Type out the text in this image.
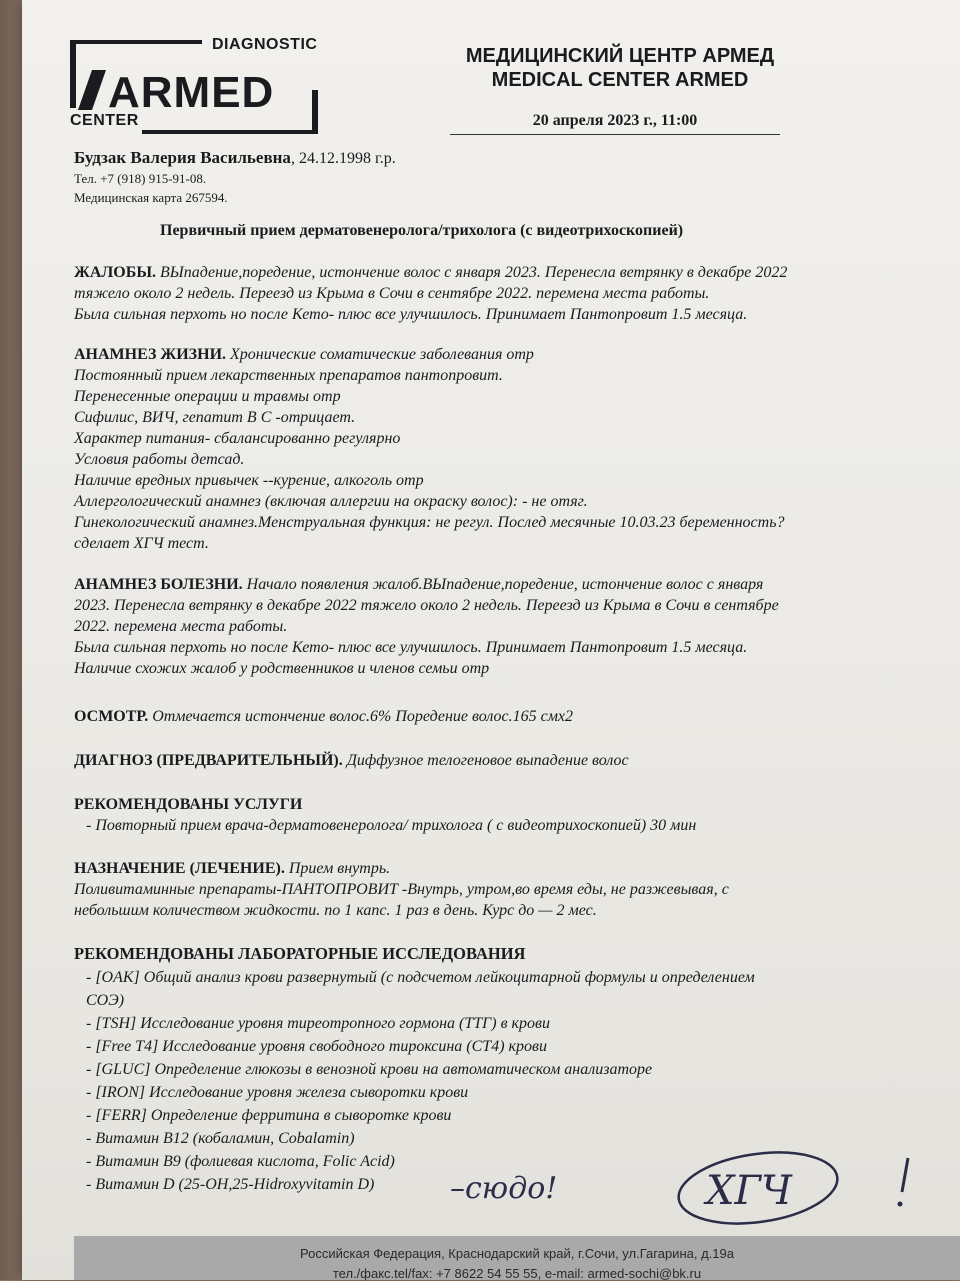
DIAGNOSTIC
ARMED
CENTER
МЕДИЦИНСКИЙ ЦЕНТР АРМЕД
MEDICAL CENTER ARMED
20 апреля 2023 г., 11:00
Будзак Валерия Васильевна, 24.12.1998 г.р.
Тел. +7 (918) 915-91-08.
Медицинская карта 267594.
Первичный прием дерматовенеролога/трихолога (с видеотрихоскопией)
ЖАЛОБЫ. ВЫпадение,поредение, истончение волос с января 2023. Перенесла ветрянку в декабре 2022
тяжело около 2 недель. Переезд из Крыма в Сочи в сентябре 2022. перемена места работы.
Была сильная перхоть но после Кето- плюс все улучшилось. Принимает Пантопровит 1.5 месяца.
АНАМНЕЗ ЖИЗНИ. Хронические соматические заболевания отр
Постоянный прием лекарственных препаратов пантопровит.
Перенесенные операции и травмы отр
Сифилис, ВИЧ, гепатит В С -отрицает.
Характер питания- сбалансированно регулярно
Условия работы детсад.
Наличие вредных привычек --курение, алкоголь отр
Аллергологический анамнез (включая аллергии на окраску волос): - не отяг.
Гинекологический анамнез.Менструальная функция: не регул. Послед месячные 10.03.23 беременность?
сделает ХГЧ тест.
АНАМНЕЗ БОЛЕЗНИ. Начало появления жалоб.ВЫпадение,поредение, истончение волос с января
2023. Перенесла ветрянку в декабре 2022 тяжело около 2 недель. Переезд из Крыма в Сочи в сентябре
2022. перемена места работы.
Была сильная перхоть но после Кето- плюс все улучшилось. Принимает Пантопровит 1.5 месяца.
Наличие схожих жалоб у родственников и членов семьи отр
ОСМОТР. Отмечается истончение волос.6% Поредение волос.165 смх2
ДИАГНОЗ (ПРЕДВАРИТЕЛЬНЫЙ). Диффузное телогеновое выпадение волос
РЕКОМЕНДОВАНЫ УСЛУГИ
- Повторный прием врача-дерматовенеролога/ трихолога ( с видеотрихоскопией) 30 мин
НАЗНАЧЕНИЕ (ЛЕЧЕНИЕ). Прием внутрь.
Поливитаминные препараты-ПАНТОПРОВИТ -Внутрь, утром,во время еды, не разжевывая, с
небольшим количеством жидкости. по 1 капс. 1 раз в день. Курс до — 2 мес.
РЕКОМЕНДОВАНЫ ЛАБОРАТОРНЫЕ ИССЛЕДОВАНИЯ
- [OAK] Общий анализ крови развернутый (с подсчетом лейкоцитарной формулы и определением
СОЭ)
- [TSH] Исследование уровня тиреотропного гормона (ТТГ) в крови
- [Free T4] Исследование уровня свободного тироксина (СТ4) крови
- [GLUC] Определение глюкозы в венозной крови на автоматическом анализаторе
- [IRON] Исследование уровня железа сыворотки крови
- [FERR] Определение ферритина в сыворотке крови
- Витамин В12 (кобаламин, Cobalamin)
- Витамин В9 (фолиевая кислота, Folic Acid)
- Витамин D (25-OH,25-Hidroxyvitamin D)	–сюдо!	ХГЧ
Российская Федерация, Краснодарский край, г.Сочи, ул.Гагарина, д.19а
тел./факс.tel/fax: +7 8622 54 55 55, e-mail: armed-sochi@bk.ru
